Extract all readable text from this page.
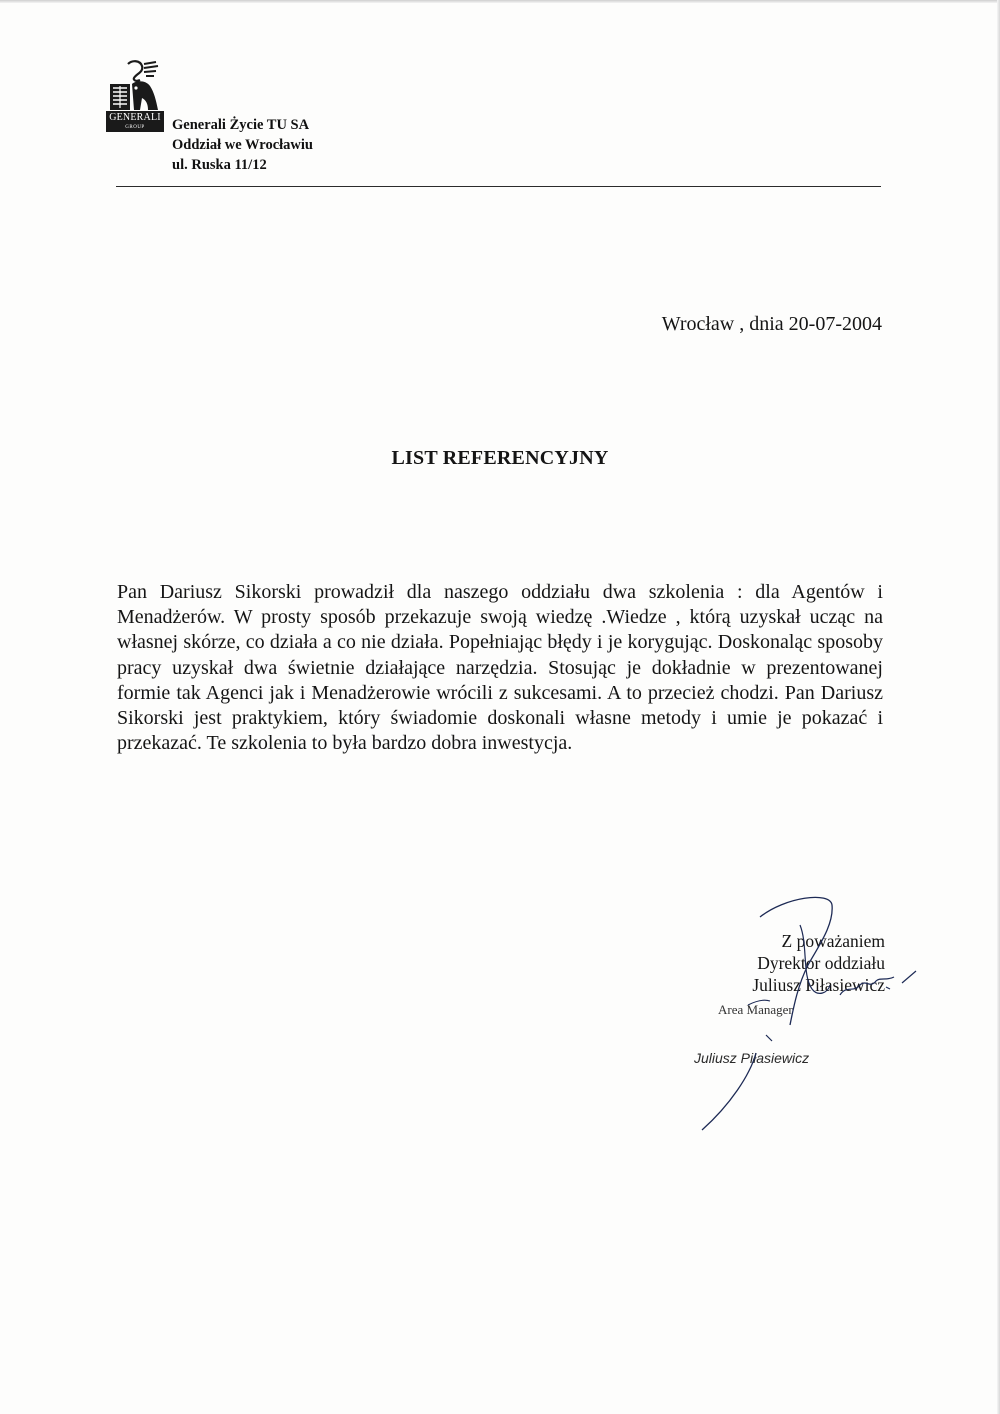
GENERALI
GROUP	Generali Życie TU SA
Oddział we Wrocławiu
ul. Ruska 11/12
Wrocław , dnia 20-07-2004
LIST REFERENCYJNY

Pan Dariusz Sikorski prowadził dla naszego oddziału dwa szkolenia : dla Agentów i Menadżerów. W prosty sposób przekazuje swoją wiedzę .Wiedze , którą uzyskał ucząc na własnej skórze, co działa a co nie działa. Popełniając błędy i je korygując. Doskonaląc sposoby pracy uzyskał dwa świetnie działające narzędzia. Stosując je dokładnie w prezentowanej formie tak Agenci jak i Menadżerowie wrócili z sukcesami. A to przecież chodzi. Pan Dariusz Sikorski jest praktykiem, który świadomie doskonali własne metody i umie je pokazać i przekazać. Te szkolenia to była bardzo dobra inwestycja.

Z poważaniem
Dyrektor oddziału
Juliusz Piłasiewicz
Area Manager
Juliusz Piłasiewicz
